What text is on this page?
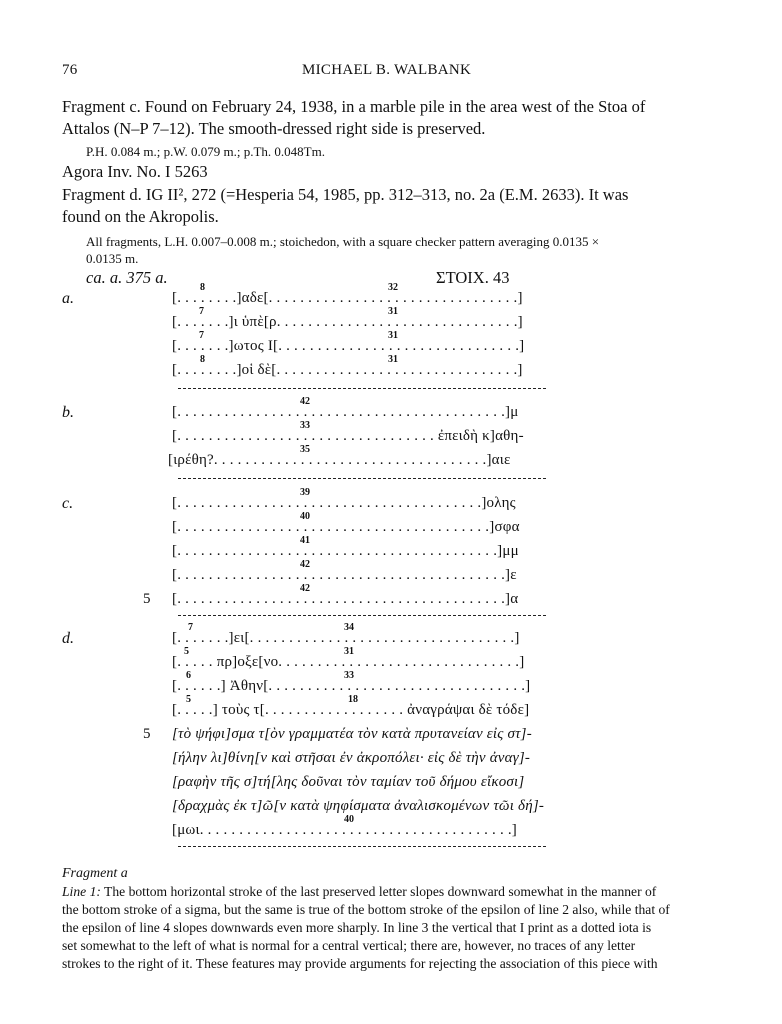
76	MICHAEL B. WALBANK
Fragment c. Found on February 24, 1938, in a marble pile in the area west of the Stoa of
Attalos (N–P 7–12). The smooth-dressed right side is preserved.
P.H. 0.084 m.; p.W. 0.079 m.; p.Th. 0.048Tm.
Agora Inv. No. I 5263
Fragment d. IG II², 272 (=Hesperia 54, 1985, pp. 312–313, no. 2a (E.M. 2633). It was
found on the Akropolis.
All fragments, L.H. 0.007–0.008 m.; stoichedon, with a square checker pattern averaging 0.0135 ×
0.0135 m.
ca. a. 375 a.	ΣΤΟΙΧ. 43
a.	[. . . . . . . .]αδε[. . . . . . . . . . . . . . . . . . . . . . . . . . . . . . . .]
8	32
[. . . . . . .]ι ὑπὲ[ρ. . . . . . . . . . . . . . . . . . . . . . . . . . . . . . .]
7	31
[. . . . . . .]ωτος Ι[. . . . . . . . . . . . . . . . . . . . . . . . . . . . . . .]
7	31
[. . . . . . . .]οἱ δὲ[. . . . . . . . . . . . . . . . . . . . . . . . . . . . . . .]
8	31
b.	[. . . . . . . . . . . . . . . . . . . . . . . . . . . . . . . . . . . . . . . . . .]μ
42
[. . . . . . . . . . . . . . . . . . . . . . . . . . . . . . . . . ἐπειδὴ κ]αθη-
33
[ιρέθη?. . . . . . . . . . . . . . . . . . . . . . . . . . . . . . . . . . .]αιε
35
c.	[. . . . . . . . . . . . . . . . . . . . . . . . . . . . . . . . . . . . . . .]ολης
39
[. . . . . . . . . . . . . . . . . . . . . . . . . . . . . . . . . . . . . . . .]σφα
40
[. . . . . . . . . . . . . . . . . . . . . . . . . . . . . . . . . . . . . . . . .]μμ
41
[. . . . . . . . . . . . . . . . . . . . . . . . . . . . . . . . . . . . . . . . . .]ε
42
5 [. . . . . . . . . . . . . . . . . . . . . . . . . . . . . . . . . . . . . . . . . .]α
42
d.	[. . . . . . .]ει[. . . . . . . . . . . . . . . . . . . . . . . . . . . . . . . . . .]
7	34
[. . . . . πρ]οξε[νο. . . . . . . . . . . . . . . . . . . . . . . . . . . . . . .]
5	31
[. . . . . .] Ἀθην[. . . . . . . . . . . . . . . . . . . . . . . . . . . . . . . . .]
6	33
[. . . . .] τοὺς τ[. . . . . . . . . . . . . . . . . . ἀναγράψαι δὲ τόδε]
5	18
5 [τὸ ψήφι]σμα τ[ὸν γραμματέα τὸν κατὰ πρυτανείαν εἰς στ]-
[ήλην λι]θίνη[ν καὶ στῆσαι ἐν ἀκροπόλει· εἰς δὲ τὴν ἀναγ]-
[ραφὴν τῆς σ]τή[λης δοῦναι τὸν ταμίαν τοῦ δήμου εἴκοσι]
[δραχμὰς ἐκ τ]ῶ[ν κατὰ ψηφίσματα ἀναλισκομένων τῶι δή]-
[μωι. . . . . . . . . . . . . . . . . . . . . . . . . . . . . . . . . . . . . . . .]
40
Fragment a
Line 1: The bottom horizontal stroke of the last preserved letter slopes downward somewhat in the manner of
the bottom stroke of a sigma, but the same is true of the bottom stroke of the epsilon of line 2 also, while that of
the epsilon of line 4 slopes downwards even more sharply. In line 3 the vertical that I print as a dotted iota is
set somewhat to the left of what is normal for a central vertical; there are, however, no traces of any letter
strokes to the right of it. These features may provide arguments for rejecting the association of this piece with
